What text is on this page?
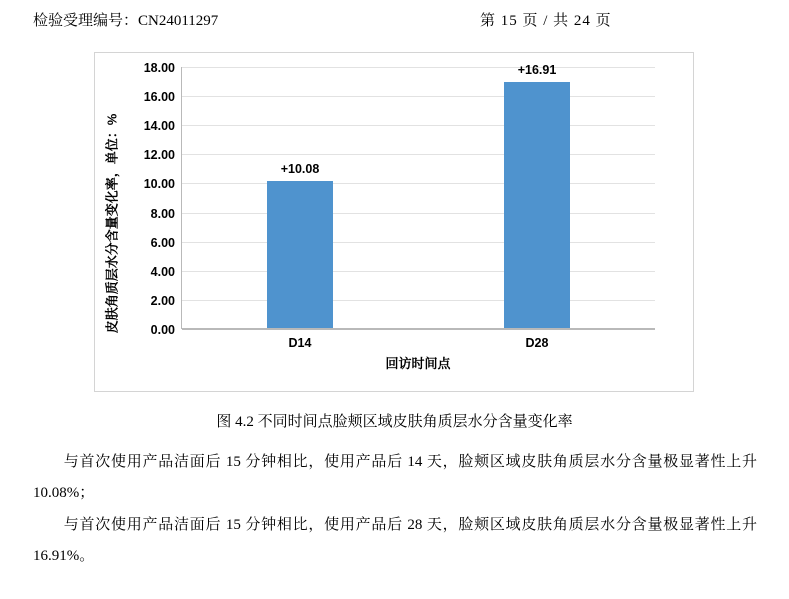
检验受理编号：CN24011297	第 15 页 / 共 24 页
皮肤角质层水分含量变化率，单位：%
18.00
16.00
14.00
12.00
10.00
8.00
6.00
4.00
2.00
0.00
+10.08
D14
+16.91
D28
回访时间点
图 4.2 不同时间点脸颊区域皮肤角质层水分含量变化率
与首次使用产品洁面后 15 分钟相比，使用产品后 14 天，脸颊区域皮肤角质层水分含量极显著性上升 10.08%；
与首次使用产品洁面后 15 分钟相比，使用产品后 28 天，脸颊区域皮肤角质层水分含量极显著性上升 16.91%。
